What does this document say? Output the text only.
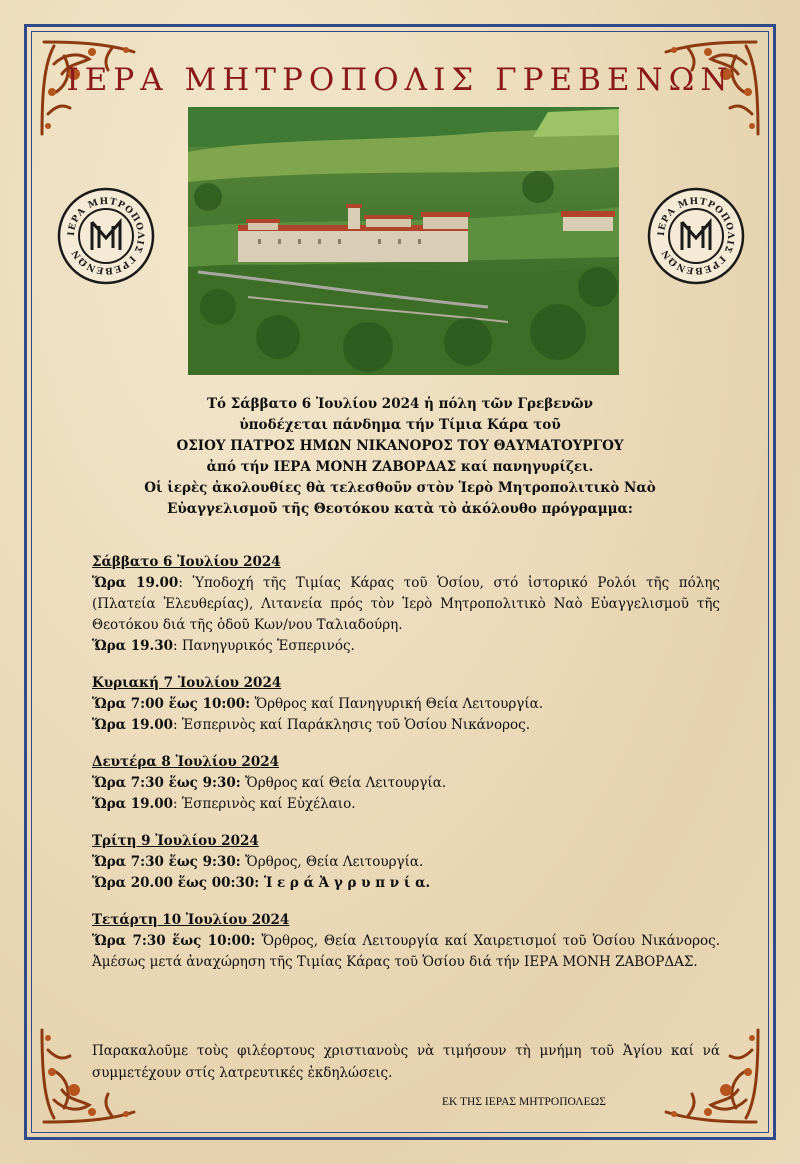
ΙΕΡΑ ΜΗΤΡΟΠΟΛΙΣ ΓΡΕΒΕΝΩΝ
ΙΕΡΑ ΜΗΤΡΟΠΟΛΙΣ ΓΡΕΒΕΝΩΝ
ΙΕΡΑ ΜΗΤΡΟΠΟΛΙΣ ΓΡΕΒΕΝΩΝ
Τό Σάββατο 6 Ἰουλίου 2024 ἡ πόλη τῶν Γρεβενῶν
ὑποδέχεται πάνδημα τήν Τίμια Κάρα τοῦ
ΟΣΙΟΥ ΠΑΤΡΟΣ ΗΜΩΝ ΝΙΚΑΝΟΡΟΣ ΤΟΥ ΘΑΥΜΑΤΟΥΡΓΟΥ
ἀπό τήν ΙΕΡΑ ΜΟΝΗ ΖΑΒΟΡΔΑΣ καί πανηγυρίζει.
Οἱ ἱερὲς ἀκολουθίες θὰ τελεσθοῦν στὸν Ἱερὸ Μητροπολιτικὸ Ναὸ
Εὐαγγελισμοῦ τῆς Θεοτόκου κατὰ τὸ ἀκόλουθο πρόγραμμα:
Σάββατο 6 Ἰουλίου 2024
Ὥρα 19.00: Ὑποδοχή τῆς Τιμίας Κάρας τοῦ Ὁσίου, στό ἱστορικό Ρολόι τῆς πόλης (Πλατεία Ἐλευθερίας), Λιτανεία πρός τὸν Ἱερὸ Μητροπολιτικὸ Ναὸ Εὐαγγελισμοῦ τῆς Θεοτόκου διά τῆς ὁδοῦ Κων/νου Ταλιαδούρη.
Ὥρα 19.30: Πανηγυρικός Ἑσπερινός.
Κυριακή 7 Ἰουλίου 2024
Ὥρα 7:00 ἕως 10:00: Ὄρθρος καί Πανηγυρική Θεία Λειτουργία.
Ὥρα 19.00: Ἑσπερινὸς καί Παράκλησις τοῦ Ὁσίου Νικάνορος.
Δευτέρα 8 Ἰουλίου 2024
Ὥρα 7:30 ἕως 9:30: Ὄρθρος καί Θεία Λειτουργία.
Ὥρα 19.00: Ἑσπερινὸς καί Εὐχέλαιο.
Τρίτη 9 Ἰουλίου 2024
Ὥρα 7:30 ἕως 9:30: Ὄρθρος, Θεία Λειτουργία.
Ὥρα 20.00 ἕως 00:30: Ἱ ε ρ ά Ἀ γ ρ υ π ν ί α.
Τετάρτη 10 Ἰουλίου 2024
Ὥρα 7:30 ἕως 10:00: Ὄρθρος, Θεία Λειτουργία καί Χαιρετισμοί τοῦ Ὁσίου Νικάνορος. Ἀμέσως μετά ἀναχώρηση τῆς Τιμίας Κάρας τοῦ Ὁσίου διά τήν ΙΕΡΑ ΜΟΝΗ ΖΑΒΟΡΔΑΣ.
Παρακαλοῦμε τοὺς φιλέορτους χριστιανοὺς νὰ τιμήσουν τὴ μνήμη τοῦ Ἁγίου καί νά συμμετέχουν στίς λατρευτικές ἐκδηλώσεις.
ΕΚ ΤΗΣ ΙΕΡΑΣ ΜΗΤΡΟΠΟΛΕΩΣ
